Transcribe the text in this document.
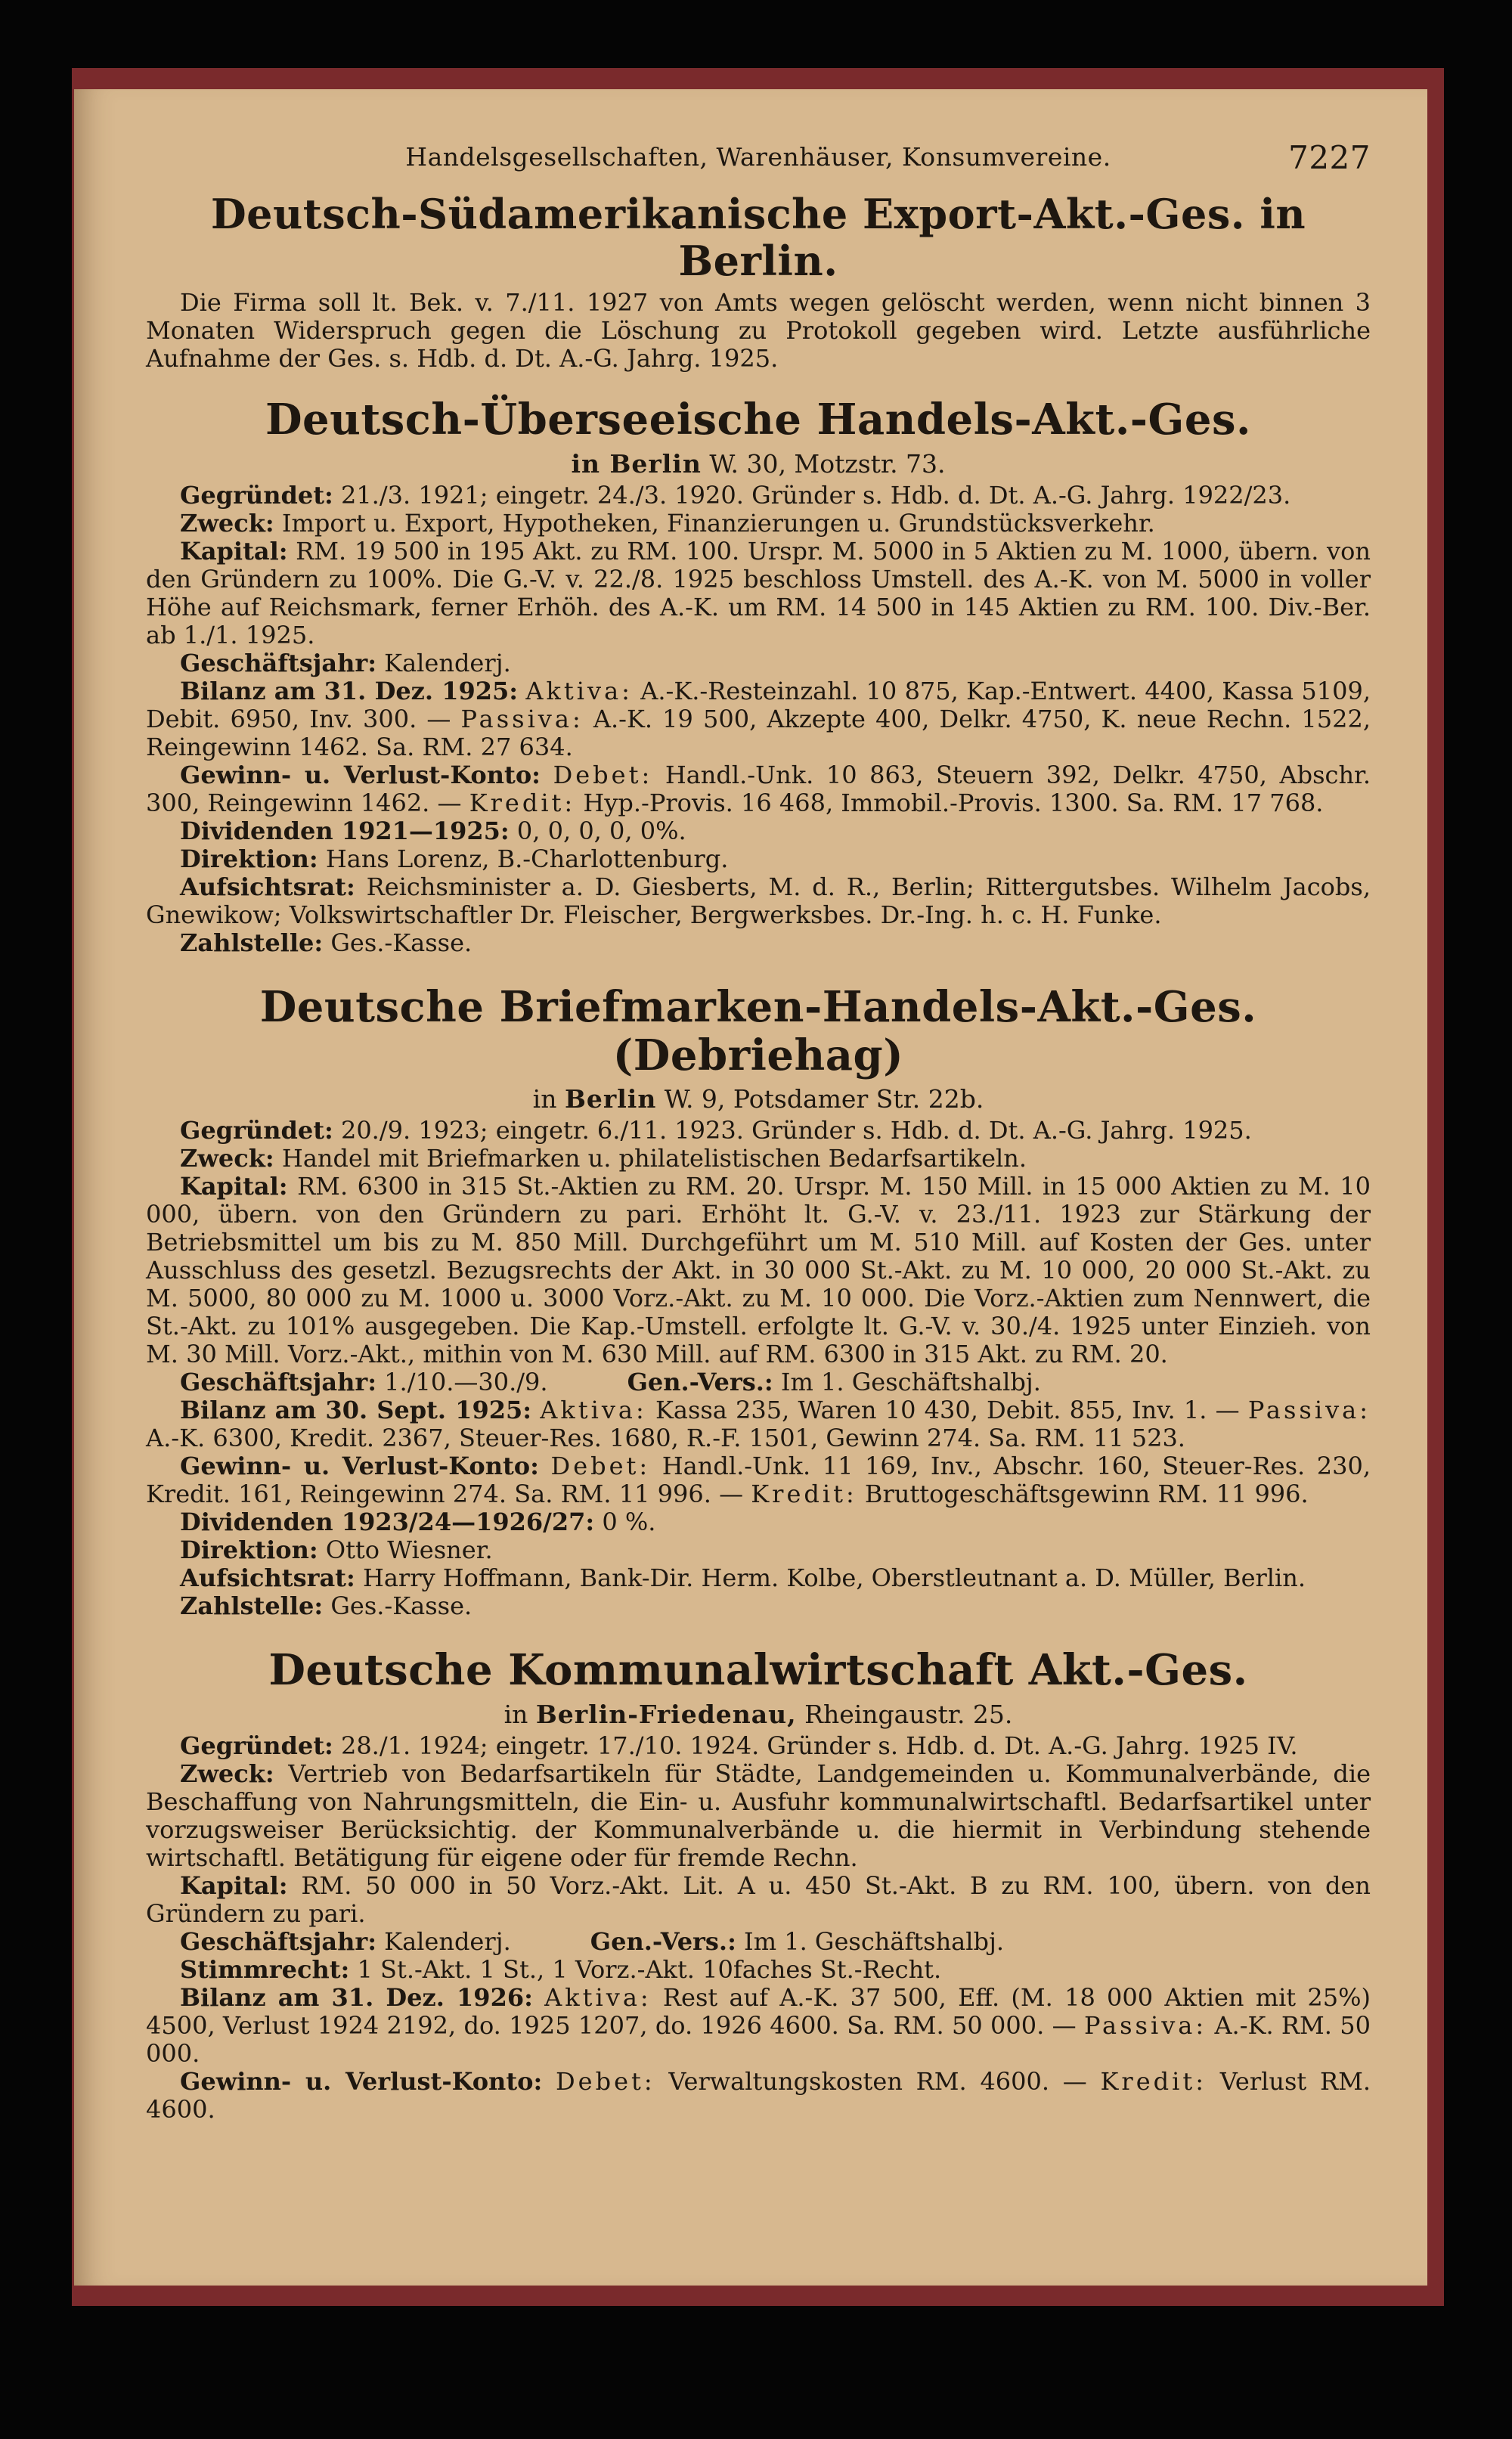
Handelsgesellschaften, Warenhäuser, Konsumvereine.	7227
Deutsch-Südamerikanische Export-Akt.-Ges. in Berlin.

Die Firma soll lt. Bek. v. 7./11. 1927 von Amts wegen gelöscht werden, wenn nicht binnen 3 Monaten Widerspruch gegen die Löschung zu Protokoll gegeben wird. Letzte ausführliche Aufnahme der Ges. s. Hdb. d. Dt. A.-G. Jahrg. 1925.

Deutsch-Überseeische Handels-Akt.-Ges.
in Berlin W. 30, Motzstr. 73.

Gegründet: 21./3. 1921; eingetr. 24./3. 1920. Gründer s. Hdb. d. Dt. A.-G. Jahrg. 1922/23.

Zweck: Import u. Export, Hypotheken, Finanzierungen u. Grundstücksverkehr.

Kapital: RM. 19 500 in 195 Akt. zu RM. 100. Urspr. M. 5000 in 5 Aktien zu M. 1000, übern. von den Gründern zu 100%. Die G.-V. v. 22./8. 1925 beschloss Umstell. des A.-K. von M. 5000 in voller Höhe auf Reichsmark, ferner Erhöh. des A.-K. um RM. 14 500 in 145 Aktien zu RM. 100. Div.-Ber. ab 1./1. 1925.

Geschäftsjahr: Kalenderj.

Bilanz am 31. Dez. 1925: Aktiva: A.-K.-Resteinzahl. 10 875, Kap.-Entwert. 4400, Kassa 5109, Debit. 6950, Inv. 300. — Passiva: A.-K. 19 500, Akzepte 400, Delkr. 4750, K. neue Rechn. 1522, Reingewinn 1462. Sa. RM. 27 634.

Gewinn- u. Verlust-Konto: Debet: Handl.-Unk. 10 863, Steuern 392, Delkr. 4750, Abschr. 300, Reingewinn 1462. — Kredit: Hyp.-Provis. 16 468, Immobil.-Provis. 1300. Sa. RM. 17 768.

Dividenden 1921—1925: 0, 0, 0, 0, 0%.

Direktion: Hans Lorenz, B.-Charlottenburg.

Aufsichtsrat: Reichsminister a. D. Giesberts, M. d. R., Berlin; Rittergutsbes. Wilhelm Jacobs, Gnewikow; Volkswirtschaftler Dr. Fleischer, Bergwerksbes. Dr.-Ing. h. c. H. Funke.

Zahlstelle: Ges.-Kasse.

Deutsche Briefmarken-Handels-Akt.-Ges. (Debriehag)
in Berlin W. 9, Potsdamer Str. 22b.

Gegründet: 20./9. 1923; eingetr. 6./11. 1923. Gründer s. Hdb. d. Dt. A.-G. Jahrg. 1925.

Zweck: Handel mit Briefmarken u. philatelistischen Bedarfsartikeln.

Kapital: RM. 6300 in 315 St.-Aktien zu RM. 20. Urspr. M. 150 Mill. in 15 000 Aktien zu M. 10 000, übern. von den Gründern zu pari. Erhöht lt. G.-V. v. 23./11. 1923 zur Stärkung der Betriebsmittel um bis zu M. 850 Mill. Durchgeführt um M. 510 Mill. auf Kosten der Ges. unter Ausschluss des gesetzl. Bezugsrechts der Akt. in 30 000 St.-Akt. zu M. 10 000, 20 000 St.-Akt. zu M. 5000, 80 000 zu M. 1000 u. 3000 Vorz.-Akt. zu M. 10 000. Die Vorz.-Aktien zum Nennwert, die St.-Akt. zu 101% ausgegeben. Die Kap.-Umstell. erfolgte lt. G.-V. v. 30./4. 1925 unter Einzieh. von M. 30 Mill. Vorz.-Akt., mithin von M. 630 Mill. auf RM. 6300 in 315 Akt. zu RM. 20.

Geschäftsjahr: 1./10.—30./9.	Gen.-Vers.: Im 1. Geschäftshalbj.

Bilanz am 30. Sept. 1925: Aktiva: Kassa 235, Waren 10 430, Debit. 855, Inv. 1. — Passiva: A.-K. 6300, Kredit. 2367, Steuer-Res. 1680, R.-F. 1501, Gewinn 274. Sa. RM. 11 523.

Gewinn- u. Verlust-Konto: Debet: Handl.-Unk. 11 169, Inv., Abschr. 160, Steuer-Res. 230, Kredit. 161, Reingewinn 274. Sa. RM. 11 996. — Kredit: Bruttogeschäftsgewinn RM. 11 996.

Dividenden 1923/24—1926/27: 0 %.

Direktion: Otto Wiesner.

Aufsichtsrat: Harry Hoffmann, Bank-Dir. Herm. Kolbe, Oberstleutnant a. D. Müller, Berlin.

Zahlstelle: Ges.-Kasse.

Deutsche Kommunalwirtschaft Akt.-Ges.
in Berlin-Friedenau, Rheingaustr. 25.

Gegründet: 28./1. 1924; eingetr. 17./10. 1924. Gründer s. Hdb. d. Dt. A.-G. Jahrg. 1925 IV.

Zweck: Vertrieb von Bedarfsartikeln für Städte, Landgemeinden u. Kommunalverbände, die Beschaffung von Nahrungsmitteln, die Ein- u. Ausfuhr kommunalwirtschaftl. Bedarfsartikel unter vorzugsweiser Berücksichtig. der Kommunalverbände u. die hiermit in Verbindung stehende wirtschaftl. Betätigung für eigene oder für fremde Rechn.

Kapital: RM. 50 000 in 50 Vorz.-Akt. Lit. A u. 450 St.-Akt. B zu RM. 100, übern. von den Gründern zu pari.

Geschäftsjahr: Kalenderj.	Gen.-Vers.: Im 1. Geschäftshalbj.

Stimmrecht: 1 St.-Akt. 1 St., 1 Vorz.-Akt. 10faches St.-Recht.

Bilanz am 31. Dez. 1926: Aktiva: Rest auf A.-K. 37 500, Eff. (M. 18 000 Aktien mit 25%) 4500, Verlust 1924 2192, do. 1925 1207, do. 1926 4600. Sa. RM. 50 000. — Passiva: A.-K. RM. 50 000.

Gewinn- u. Verlust-Konto: Debet: Verwaltungskosten RM. 4600. — Kredit: Verlust RM. 4600.
